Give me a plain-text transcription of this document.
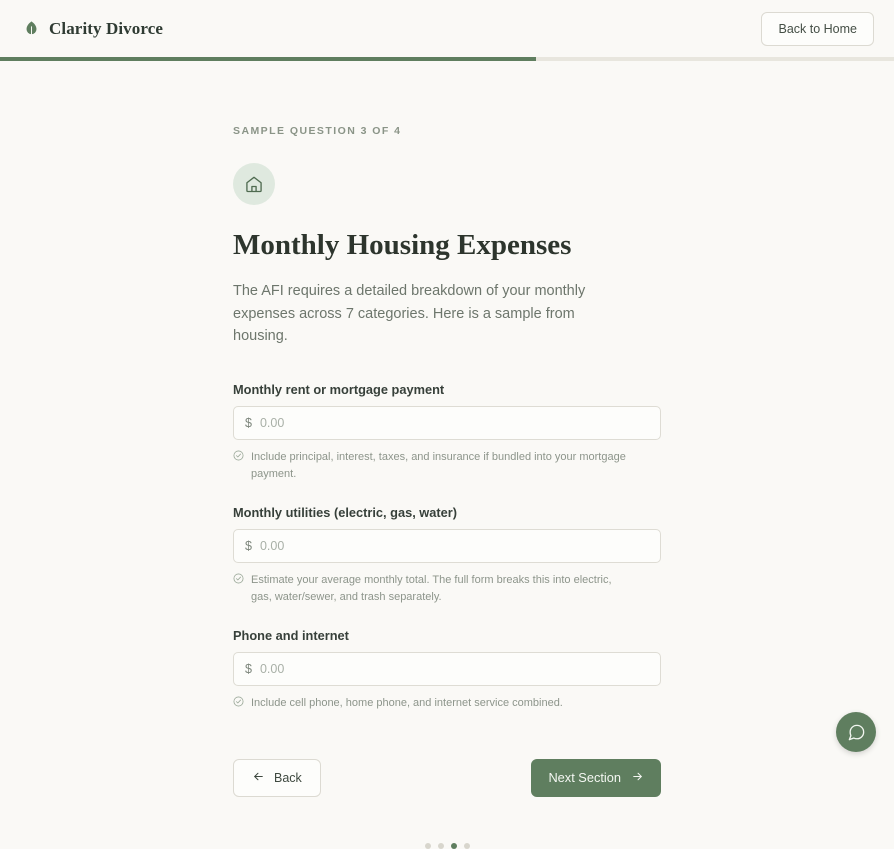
Clarity Divorce	Back to Home
SAMPLE QUESTION 3 OF 4
Monthly Housing Expenses

The AFI requires a detailed breakdown of your monthly expenses across 7 categories. Here is a sample from housing.

Monthly rent or mortgage payment
$
0.00
Include principal, interest, taxes, and insurance if bundled into your mortgage payment.
Monthly utilities (electric, gas, water)
$
0.00
Estimate your average monthly total. The full form breaks this into electric, gas, water/sewer, and trash separately.
Phone and internet
$
0.00
Include cell phone, home phone, and internet service combined.
Back	Next Section
